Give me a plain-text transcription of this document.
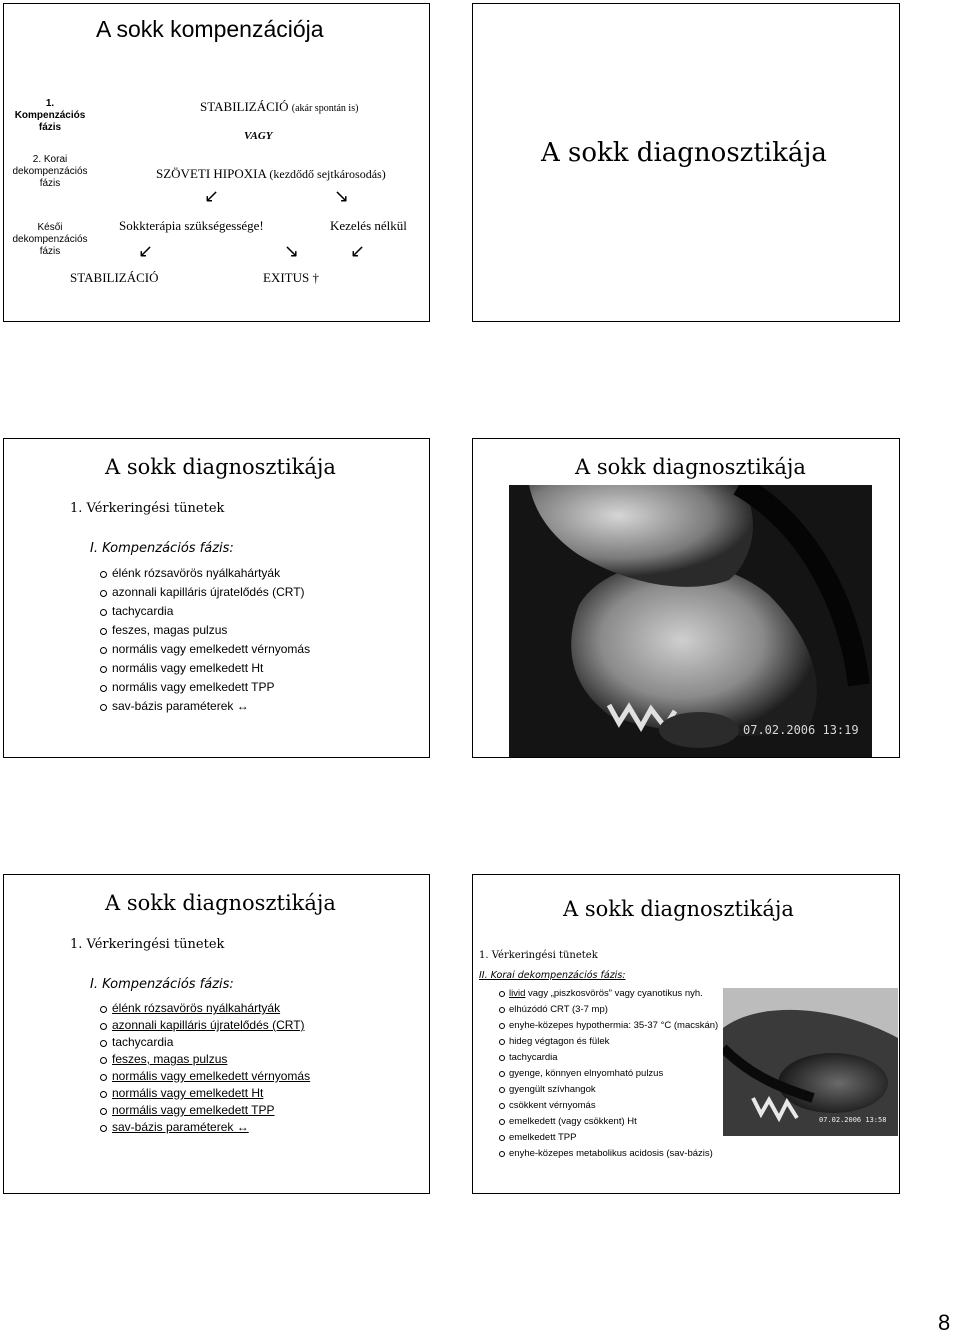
A sokk kompenzációja
1. Kompenzációs fázis
2. Korai dekompenzációs fázis
Késői dekompenzációs fázis
STABILIZÁCIÓ (akár spontán is)
VAGY
SZÖVETI HIPOXIA (kezdődő sejtkárosodás)
↙	↘
Sokkterápia szükségessége!	Kezelés nélkül
↙	↘	↙
STABILIZÁCIÓ	EXITUS †
A sokk diagnosztikája
A sokk diagnosztikája
1. Vérkeringési tünetek
I. Kompenzációs fázis:
élénk rózsavörös nyálkahártyák
azonnali kapilláris újratelődés (CRT)
tachycardia
feszes, magas pulzus
normális vagy emelkedett vérnyomás
normális vagy emelkedett Ht
normális vagy emelkedett TPP
sav-bázis paraméterek ↔
A sokk diagnosztikája
07.02.2006 13:19
A sokk diagnosztikája
1. Vérkeringési tünetek
I. Kompenzációs fázis:
élénk rózsavörös nyálkahártyák
azonnali kapilláris újratelődés (CRT)
tachycardia
feszes, magas pulzus
normális vagy emelkedett vérnyomás
normális vagy emelkedett Ht
normális vagy emelkedett TPP
sav-bázis paraméterek ↔
A sokk diagnosztikája
1. Vérkeringési tünetek
II. Korai dekompenzációs fázis:
07.02.2006 13:58
livid vagy „piszkosvörös” vagy cyanotikus nyh.
elhúzódó CRT (3-7 mp)
enyhe-közepes hypothermia: 35-37 °C (macskán)
hideg végtagon és fülek
tachycardia
gyenge, könnyen elnyomható pulzus
gyengült szívhangok
csökkent vérnyomás
emelkedett (vagy csökkent) Ht
emelkedett TPP
enyhe-közepes metabolikus acidosis (sav-bázis)
8
